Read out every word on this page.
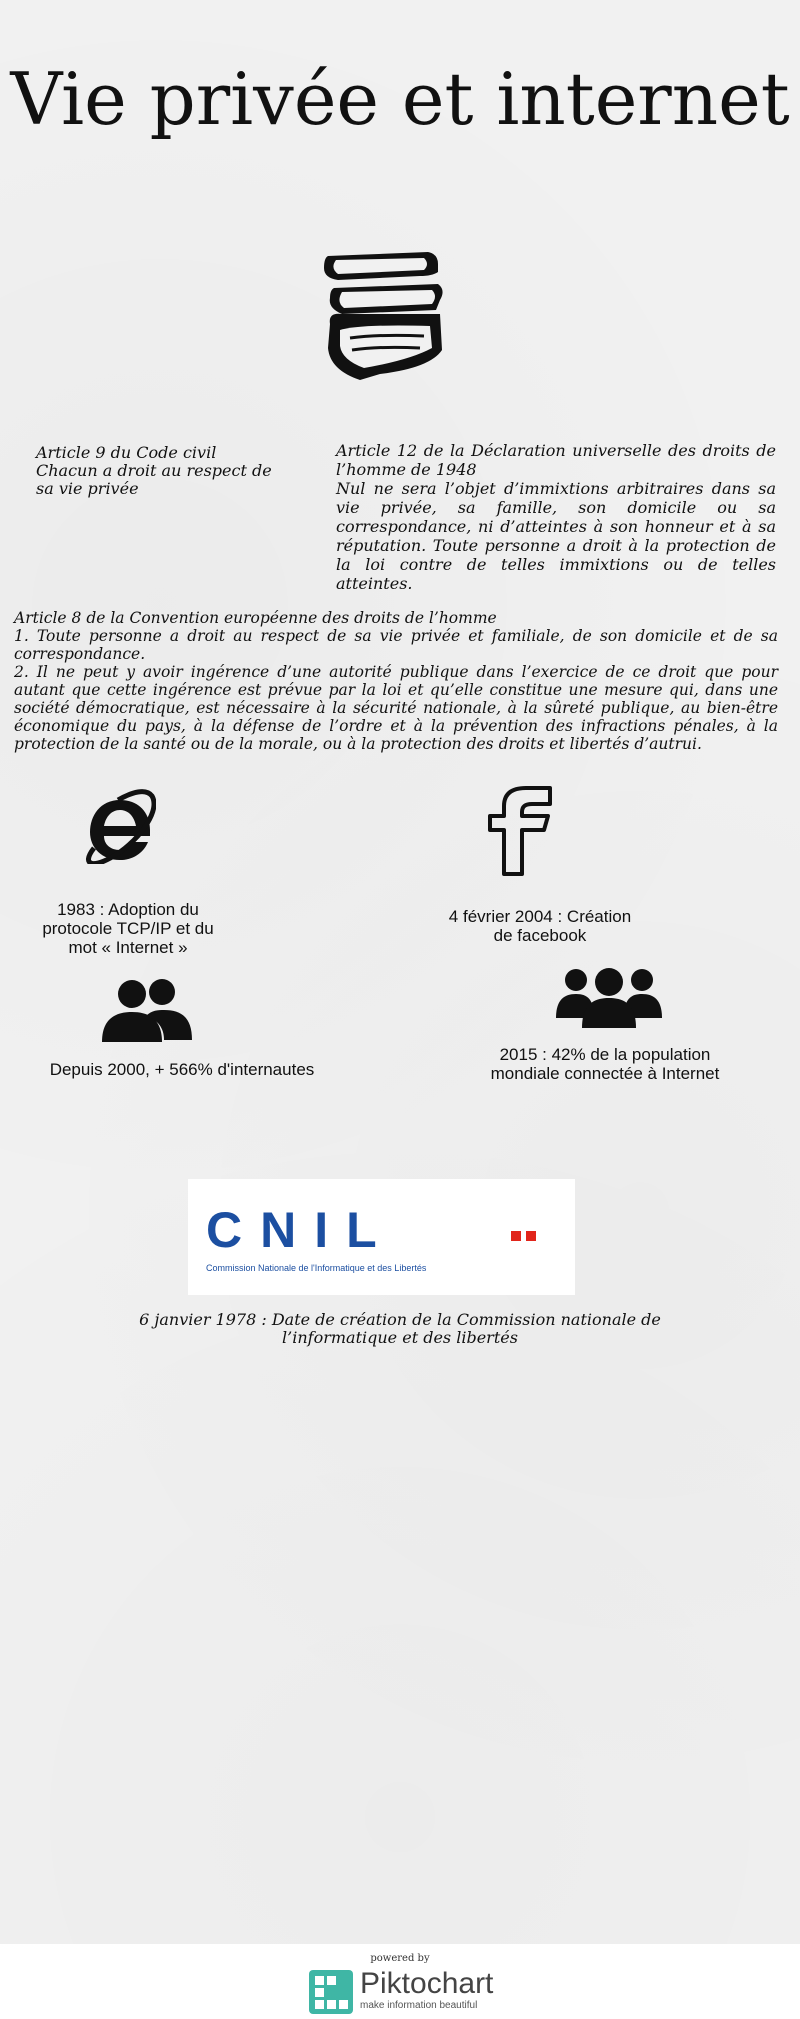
Vie privée et internet

Article 9 du Code civil

Chacun a droit au respect de sa vie privée

Article 12 de la Déclaration universelle des droits de l’homme de 1948

Nul ne sera l’objet d’immixtions arbitraires dans sa vie privée, sa famille, son domicile ou sa correspondance, ni d’atteintes à son honneur et à sa réputation. Toute personne a droit à la protection de la loi contre de telles immixtions ou de telles atteintes.

Article 8 de la Convention européenne des droits de l’homme

1. Toute personne a droit au respect de sa vie privée et familiale, de son domicile et de sa correspondance.

2. Il ne peut y avoir ingérence d’une autorité publique dans l’exercice de ce droit que pour autant que cette ingérence est prévue par la loi et qu’elle constitue une mesure qui, dans une société démocratique, est nécessaire à la sécurité nationale, à la sûreté publique, au bien-être économique du pays, à la défense de l’ordre et à la prévention des infractions pénales, à la protection de la santé ou de la morale, ou à la protection des droits et libertés d’autrui.

1983 : Adoption du protocole TCP/IP et du mot « Internet »
4 février 2004 : Création de facebook
Depuis 2000, + 566% d'internautes
2015 : 42% de la population mondiale connectée à Internet
CNIL
Commission Nationale de l'Informatique et des Libertés
6 janvier 1978 : Date de création de la Commission nationale de l’informatique et des libertés
powered by
Piktochart
make information beautiful
